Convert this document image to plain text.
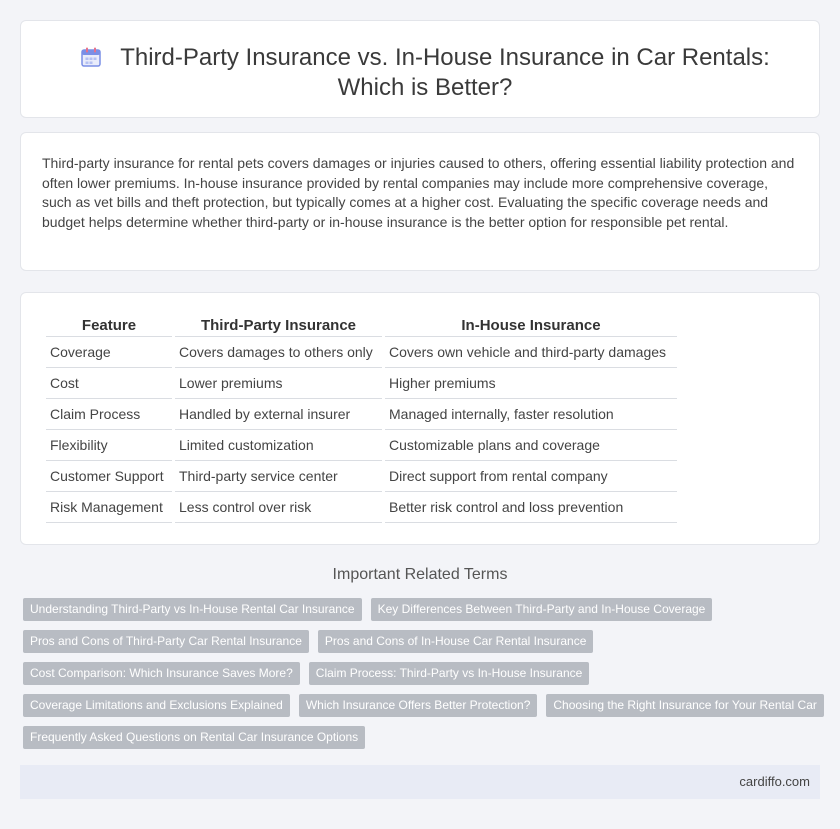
Third-Party Insurance vs. In-House Insurance in Car Rentals: Which is Better?

Third-party insurance for rental pets covers damages or injuries caused to others, offering essential liability protection and often lower premiums. In-house insurance provided by rental companies may include more comprehensive coverage, such as vet bills and theft protection, but typically comes at a higher cost. Evaluating the specific coverage needs and budget helps determine whether third-party or in-house insurance is the better option for responsible pet rental.

Feature	Third-Party Insurance	In-House Insurance
Coverage	Covers damages to others only	Covers own vehicle and third-party damages
Cost	Lower premiums	Higher premiums
Claim Process	Handled by external insurer	Managed internally, faster resolution
Flexibility	Limited customization	Customizable plans and coverage
Customer Support	Third-party service center	Direct support from rental company
Risk Management	Less control over risk	Better risk control and loss prevention
Important Related Terms
Understanding Third-Party vs In-House Rental Car Insurance	Key Differences Between Third-Party and In-House Coverage
Pros and Cons of Third-Party Car Rental Insurance	Pros and Cons of In-House Car Rental Insurance
Cost Comparison: Which Insurance Saves More?	Claim Process: Third-Party vs In-House Insurance
Coverage Limitations and Exclusions Explained	Which Insurance Offers Better Protection?	Choosing the Right Insurance for Your Rental Car
Frequently Asked Questions on Rental Car Insurance Options
cardiffo.com
